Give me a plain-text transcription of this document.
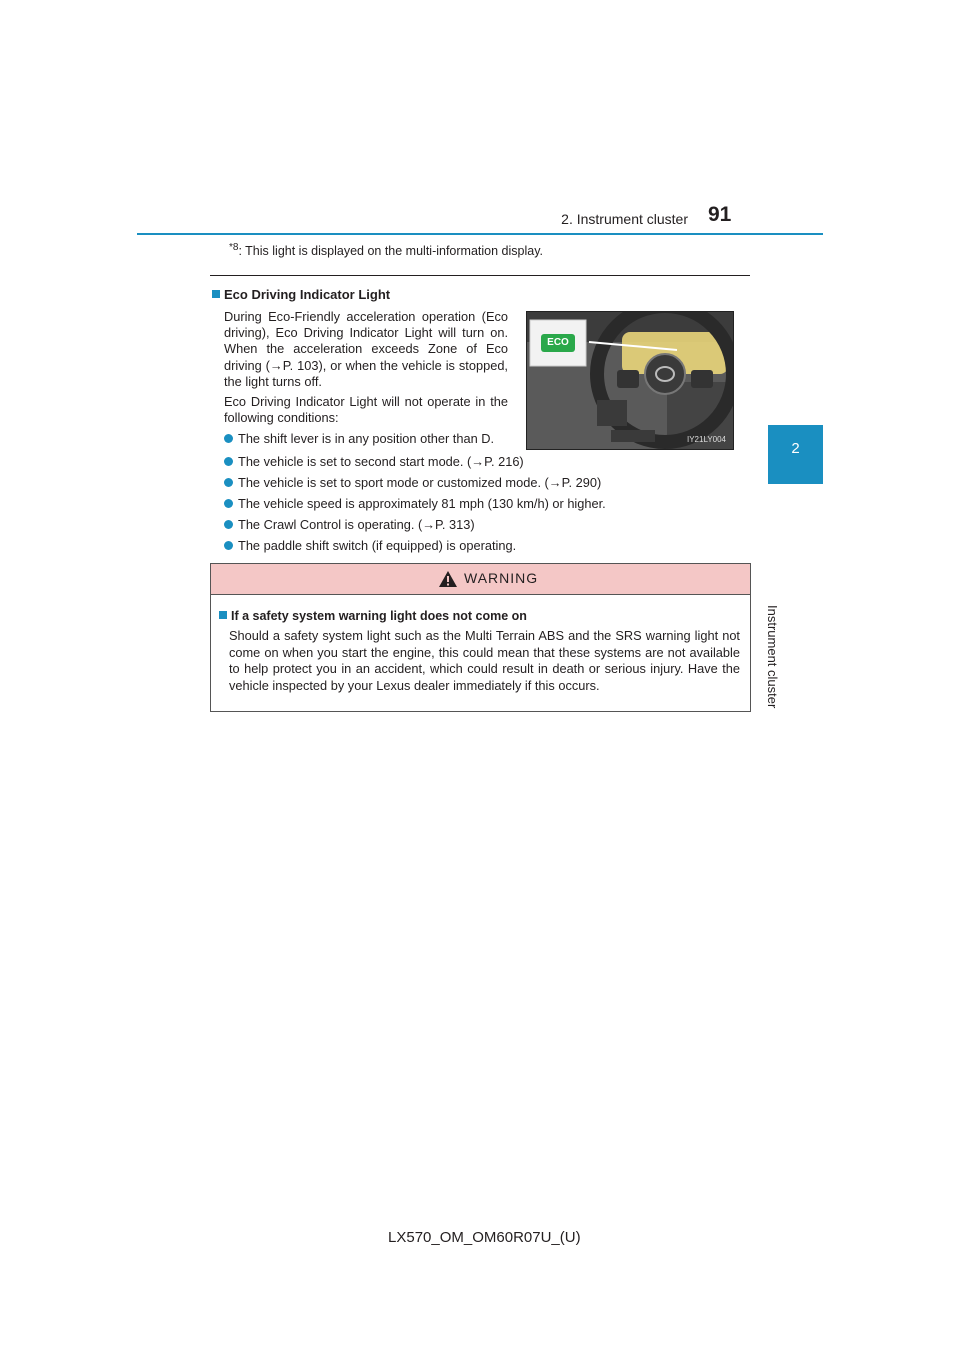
2. Instrument cluster 91
2
Instrument cluster
$^{*8}$: This light is displayed on the multi-information display.
Eco Driving Indicator Light
During Eco-Friendly acceleration operation (Eco driving), Eco Driving Indicator Light will turn on. When the acceleration exceeds Zone of Eco driving (→P. 103), or when the vehicle is stopped, the light turns off.
Eco Driving Indicator Light will not operate in the following conditions:
The shift lever is in any position other than D.
The vehicle is set to second start mode. (→P. 216)
The vehicle is set to sport mode or customized mode. (→P. 290)
The vehicle speed is approximately 81 mph (130 km/h) or higher.
The Crawl Control is operating. (→P. 313)
The paddle shift switch (if equipped) is operating.
ECO
IY21LY004
WARNING
If a safety system warning light does not come on
Should a safety system light such as the Multi Terrain ABS and the SRS warning light not come on when you start the engine, this could mean that these systems are not available to help protect you in an accident, which could result in death or serious injury. Have the vehicle inspected by your Lexus dealer immediately if this occurs.
LX570_OM_OM60R07U_(U)
